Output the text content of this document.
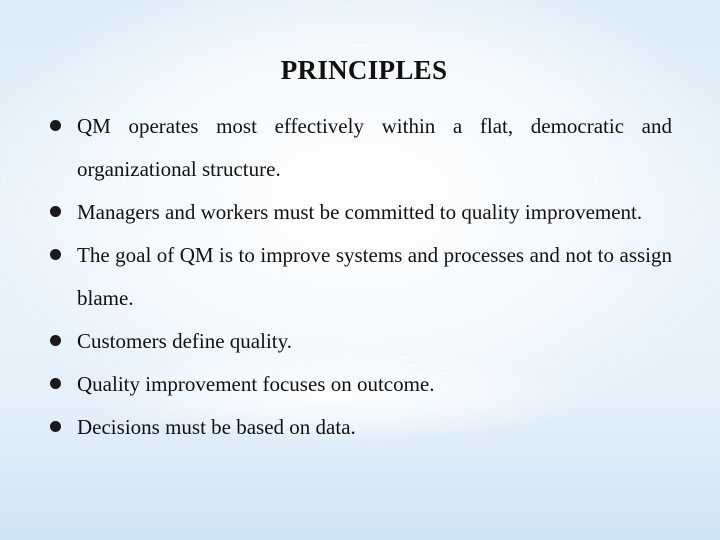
PRINCIPLES
QM operates most effectively within a flat, democratic and organizational structure.
Managers and workers must be committed to quality improvement.
The goal of QM is to improve systems and processes and not to assign blame.
Customers define quality.
Quality improvement focuses on outcome.
Decisions must be based on data.
